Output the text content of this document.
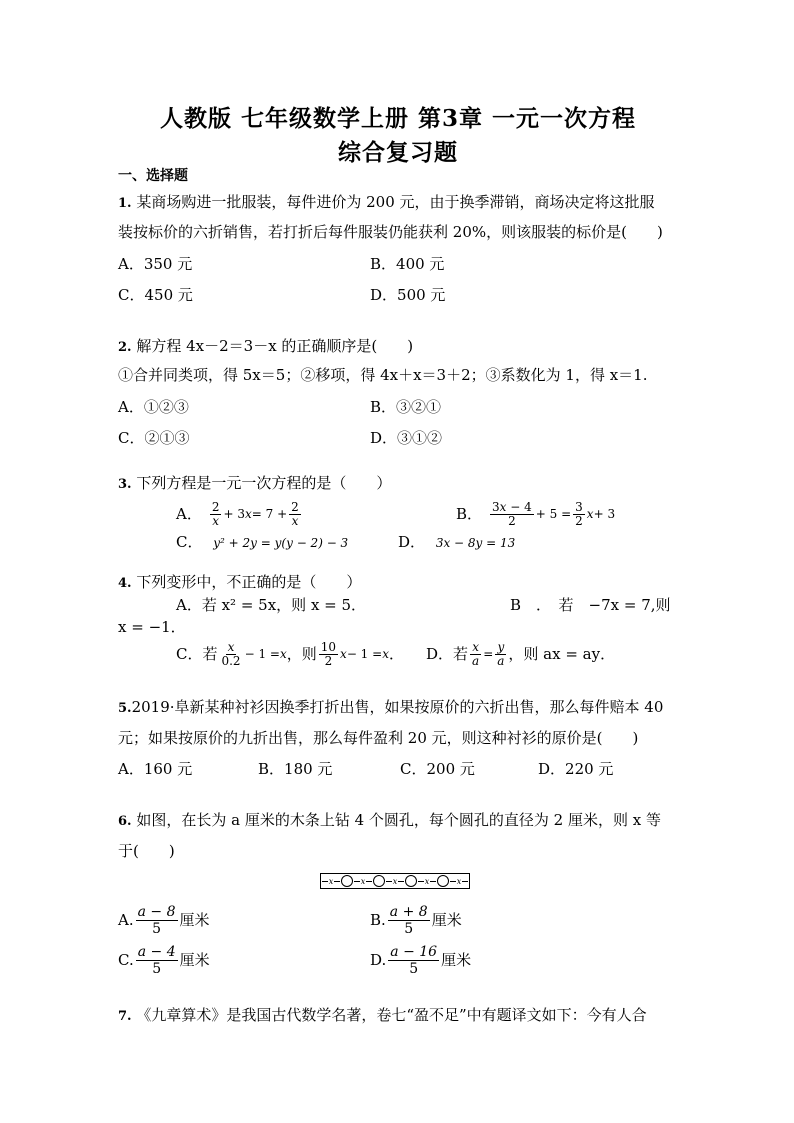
人教版 七年级数学上册 第3章 一元一次方程
综合复习题
一、选择题
1. 某商场购进一批服装，每件进价为 200 元，由于换季滞销，商场决定将这批服
装按标价的六折销售，若打折后每件服装仍能获利 20%，则该服装的标价是(　　)
A．350 元	B．400 元
C．450 元	D．500 元
2. 解方程 4x－2＝3－x 的正确顺序是(　　)
①合并同类项，得 5x＝5；②移项，得 4x＋x＝3＋2；③系数化为 1，得 x＝1.
A．①②③	B．③②①
C．②①③	D．③①②
3. 下列方程是一元一次方程的是（　　）
A． $\frac{2}{x} + 3$ $x = 7 + \frac{2}{x}$	B． $\frac{3x - 4}{2} + 5 = \frac{3}{2}$ x + 3
C． y² + 2y = y(y − 2) − 3	D． 3x − 8y = 13
4. 下列变形中，不正确的是（　　）
A．若 x² = 5x，则 x = 5．	B　．　若　−7x = 7,则
x = −1．
C．若 $\frac{x}{0.2} - 1 = x$ ，则 $\frac{10}{2}$ x − 1 = x ． D．若 $\frac{x}{a} = \frac{y}{a}$ ，则 ax = ay．
5.2019·阜新某种衬衫因换季打折出售，如果按原价的六折出售，那么每件赔本 40
元；如果按原价的九折出售，那么每件盈利 20 元，则这种衬衫的原价是(　　)
A．160 元	B．180 元	C．200 元	D．220 元
6. 如图，在长为 a 厘米的木条上钻 4 个圆孔，每个圆孔的直径为 2 厘米，则 x 等
于(　　)
A. $\frac{a - 8}{5}$ 厘米	B. $\frac{a + 8}{5}$ 厘米
C. $\frac{a - 4}{5}$ 厘米	D. $\frac{a - 16}{5}$ 厘米
7. 《九章算术》是我国古代数学名著，卷七“盈不足”中有题译文如下：今有人合
x	x	x	x	x
